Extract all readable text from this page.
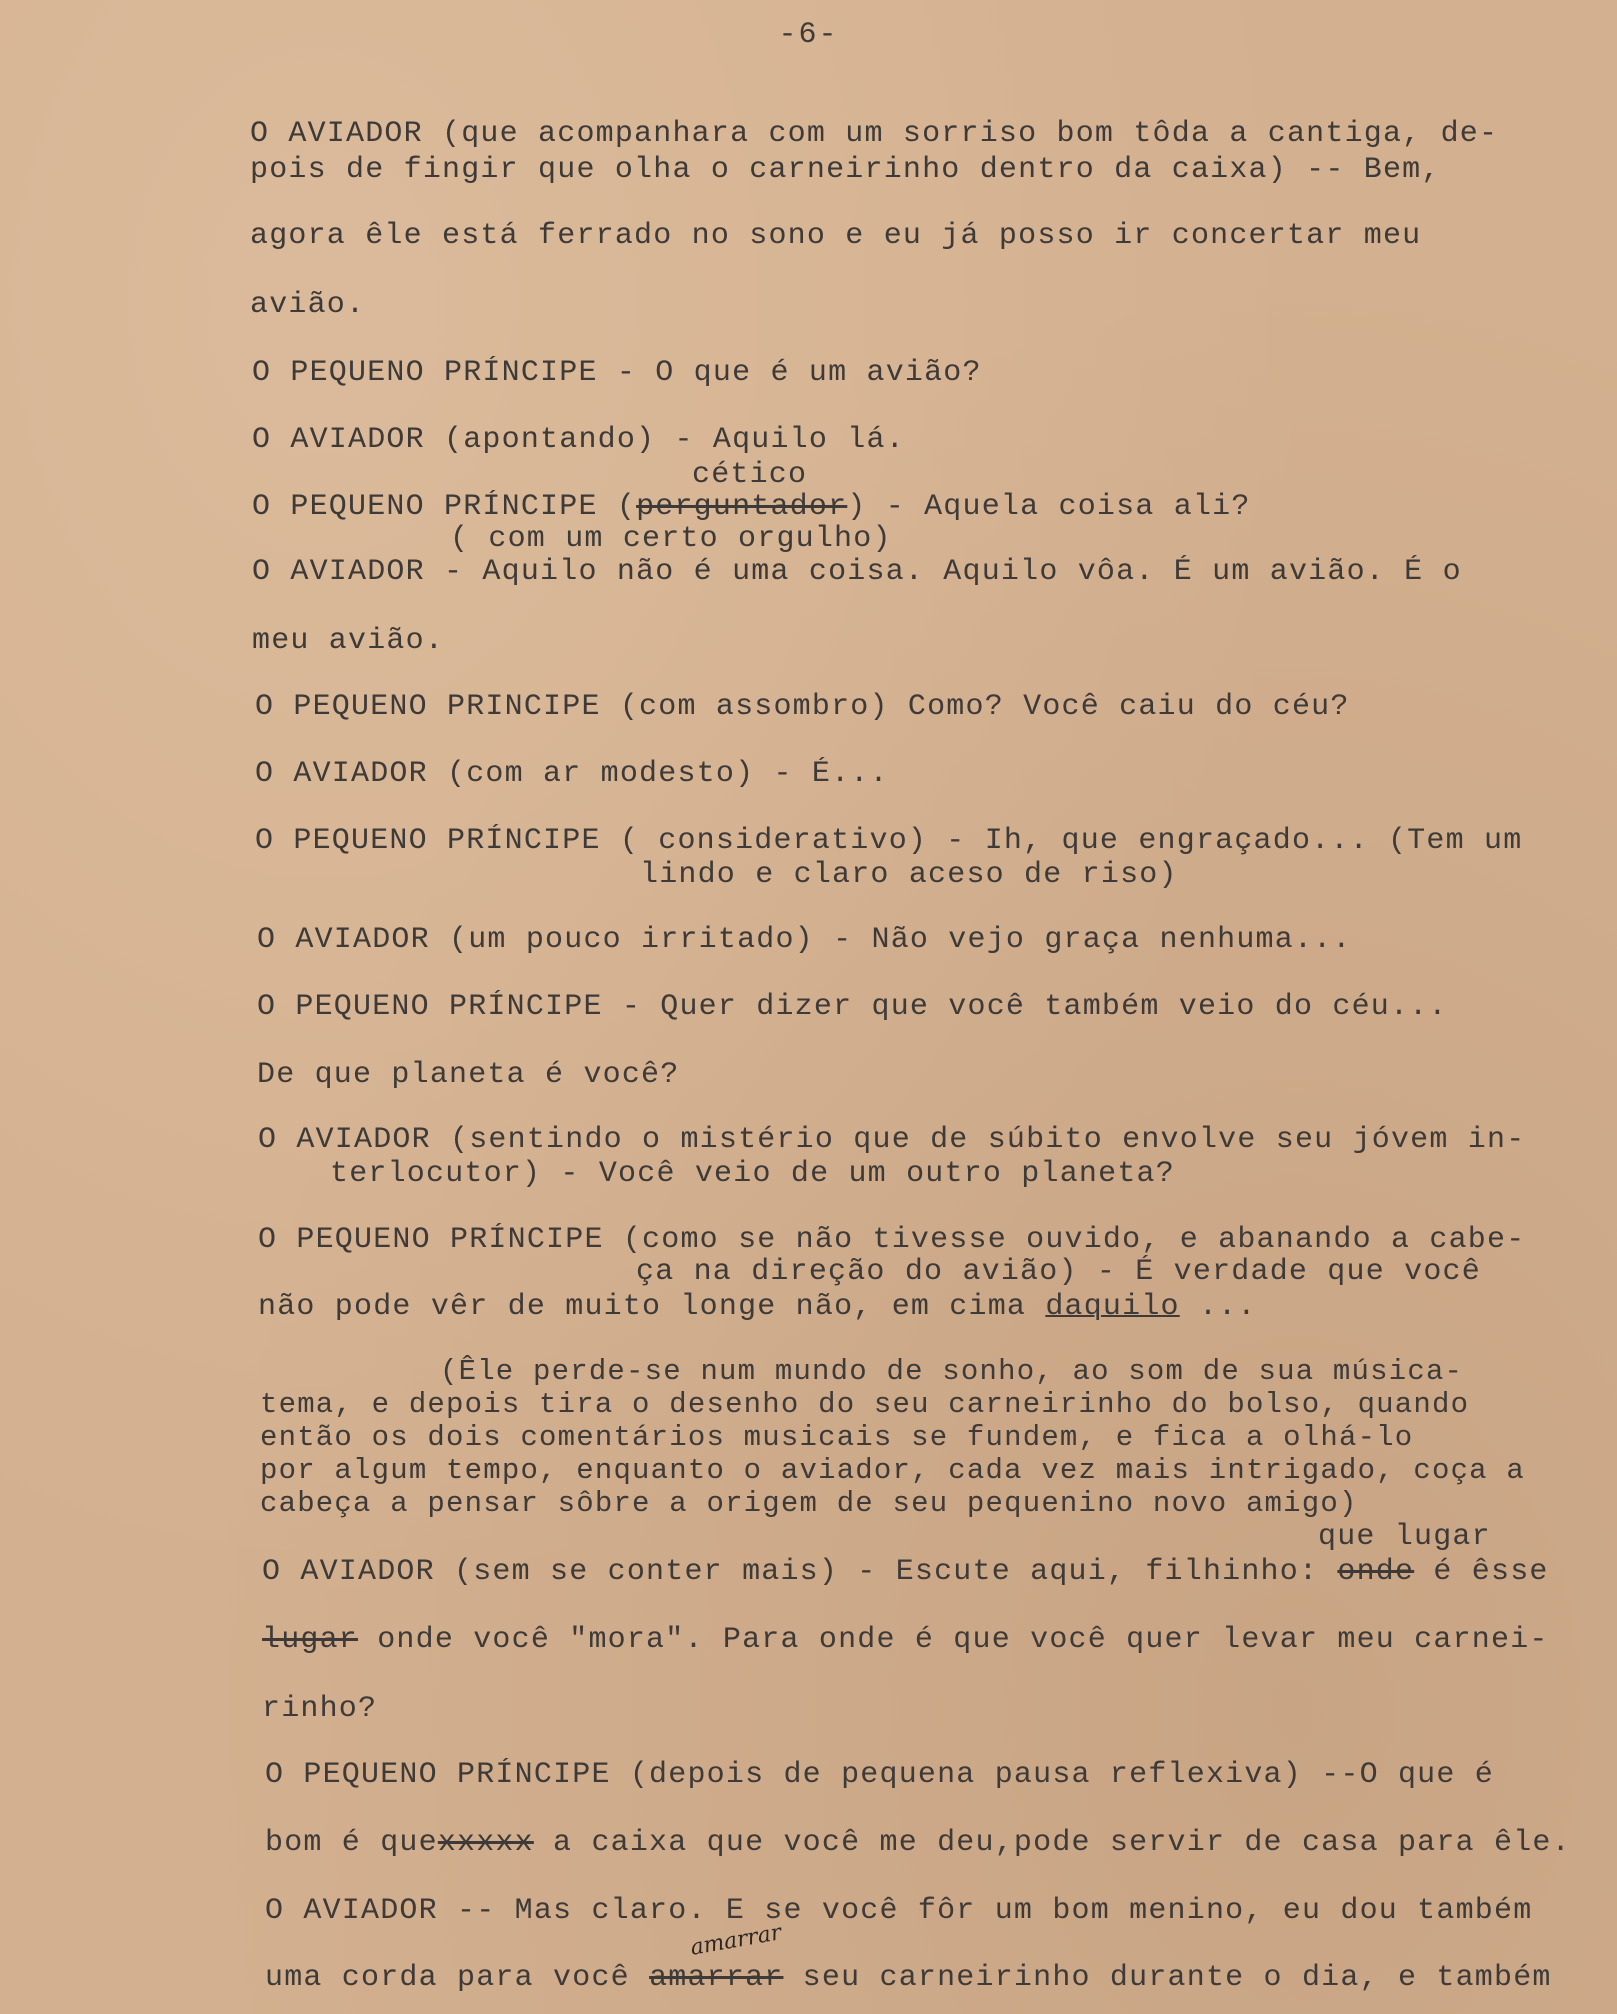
-6-
O AVIADOR (que acompanhara com um sorriso bom tôda a cantiga, de-
pois de fingir que olha o carneirinho dentro da caixa) -- Bem,
agora êle está ferrado no sono e eu já posso ir concertar meu
avião.
O PEQUENO PRÍNCIPE - O que é um avião?
O AVIADOR (apontando) - Aquilo lá.
cético
O PEQUENO PRÍNCIPE (perguntador) - Aquela coisa ali?
( com um certo orgulho)
O AVIADOR - Aquilo não é uma coisa. Aquilo vôa. É um avião. É o
meu avião.
O PEQUENO PRINCIPE (com assombro) Como? Você caiu do céu?
O AVIADOR (com ar modesto) - É...
O PEQUENO PRÍNCIPE ( considerativo) - Ih, que engraçado... (Tem um
lindo e claro aceso de riso)
O AVIADOR (um pouco irritado) - Não vejo graça nenhuma...
O PEQUENO PRÍNCIPE - Quer dizer que você também veio do céu...
De que planeta é você?
O AVIADOR (sentindo o mistério que de súbito envolve seu jóvem in-
terlocutor) - Você veio de um outro planeta?
O PEQUENO PRÍNCIPE (como se não tivesse ouvido, e abanando a cabe-
ça na direção do avião) - É verdade que você
não pode vêr de muito longe não, em cima daquilo ...
(Êle perde-se num mundo de sonho, ao som de sua música-
tema, e depois tira o desenho do seu carneirinho do bolso, quando
então os dois comentários musicais se fundem, e fica a olhá-lo
por algum tempo, enquanto o aviador, cada vez mais intrigado, coça a
cabeça a pensar sôbre a origem de seu pequenino novo amigo)
que lugar
O AVIADOR (sem se conter mais) - Escute aqui, filhinho: onde é êsse
lugar onde você "mora". Para onde é que você quer levar meu carnei-
rinho?
O PEQUENO PRÍNCIPE (depois de pequena pausa reflexiva) --O que é
bom é quexxxxx a caixa que você me deu,pode servir de casa para êle.
O AVIADOR -- Mas claro. E se você fôr um bom menino, eu dou também
uma corda para você amarrar seu carneirinho durante o dia, e também
amarrar
